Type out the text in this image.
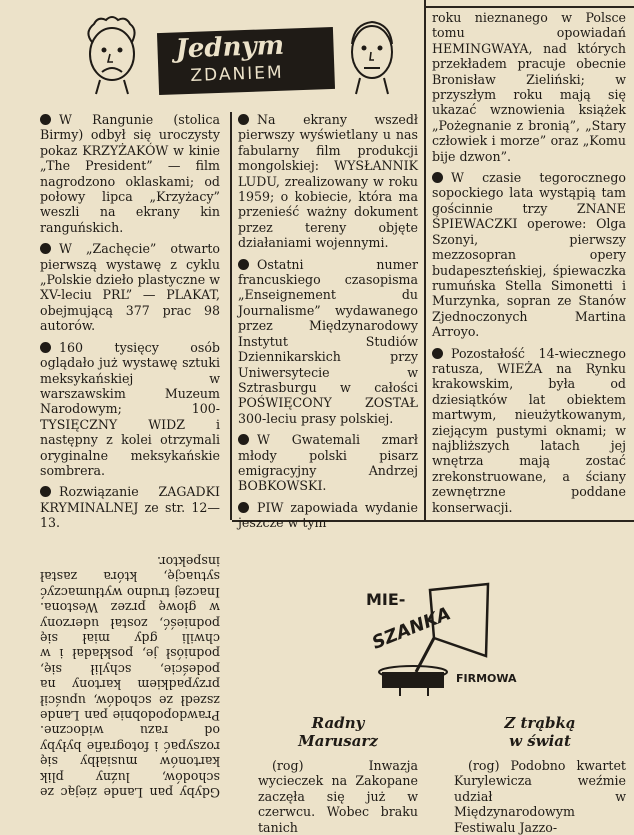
Jednym
ZDANIEM
W Rangunie (stolica Birmy) odbył się uroczysty pokaz KRZYŻAKÓW w kinie „The President” — film nagrodzono oklaskami; od połowy lipca „Krzyżacy” weszli na ekrany kin ranguńskich.
W „Zachęcie” otwarto pierwszą wystawę z cyklu „Polskie dzieło plastyczne w XV-leciu PRL” — PLAKAT, obejmującą 377 prac 98 autorów.
160 tysięcy osób oglądało już wystawę sztuki meksykańskiej w warszawskim Muzeum Narodowym; 100-TYSIĘCZNY WIDZ i następny z kolei otrzymali oryginalne meksykańskie sombrera.
Rozwiązanie ZAGADKI KRYMINALNEJ ze str. 12—13.
Gdyby pan Lande ziejąc ze schodów, luźny plik kartonów musiałby się rozsypać i fotografie byłyby od razu widoczne. Prawdopodobnie pan Lande zszedł ze schodów, upuścił przypadkiem kartony na podeście, schylił się, podniósł je, poskładał i w chwili gdy miał się podnieść, został uderzony w głowę przez Westona. Inaczej trudno wytłumaczyć sytuację, która zastał inspektor.
Na ekrany wszedł pierwszy wyświetlany u nas fabularny film produkcji mongolskiej: WYSŁANNIK LUDU, zrealizowany w roku 1959; o kobiecie, która ma przenieść ważny dokument przez tereny objęte działaniami wojennymi.
Ostatni numer francuskiego czasopisma „Enseignement du Journalisme” wydawanego przez Międzynarodowy Instytut Studiów Dziennikarskich przy Uniwersytecie w Sztrasburgu w całości POŚWIĘCONY ZOSTAŁ 300-leciu prasy polskiej.
W Gwatemali zmarł młody polski pisarz emigracyjny Andrzej BOBKOWSKI.
PIW zapowiada wydanie jeszcze w tym
roku nieznanego w Polsce tomu opowiadań HEMINGWAYA, nad których przekładem pracuje obecnie Bronisław Zieliński; w przyszłym roku mają się ukazać wznowienia książek „Pożegnanie z bronią”, „Stary człowiek i morze” oraz „Komu bije dzwon”.
W czasie tegorocznego sopockiego lata wystąpią tam gościnnie trzy ZNANE ŚPIEWACZKI operowe: Olga Szonyi, pierwszy mezzosopran opery budapeszteńskiej, śpiewaczka rumuńska Stella Simonetti i Murzynka, sopran ze Stanów Zjednoczonych Martina Arroyo.
Pozostałość 14-wiecznego ratusza, WIEŻA na Rynku krakowskim, była od dziesiątków lat obiektem martwym, nieużytkowanym, ziejącym pustymi oknami; w najbliższych latach jej wnętrza mają zostać zrekonstruowane, a ściany zewnętrzne poddane konserwacji.
MIE-
SZANKA
FIRMOWA
Radny
Marusarz
(rog) Inwazja wycieczek na Zakopane zaczęła się już w czerwcu. Wobec braku tanich
Z trąbką
w świat
(rog) Podobno kwartet Kurylewicza weźmie udział w Międzynarodowym Festiwalu Jazzo-
